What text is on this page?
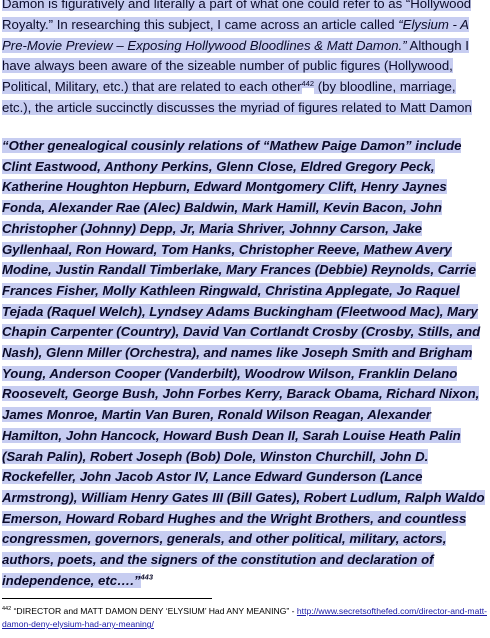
Damon is figuratively and literally a part of what one could refer to as “Hollywood Royalty.” In researching this subject, I came across an article called “Elysium - A Pre-Movie Preview – Exposing Hollywood Bloodlines & Matt Damon.” Although I have always been aware of the sizeable number of public figures (Hollywood, Political, Military, etc.) that are related to each other$^{442}$ (by bloodline, marriage, etc.), the article succinctly discusses the myriad of figures related to Matt Damon

“Other genealogical cousinly relations of “Mathew Paige Damon” include Clint Eastwood, Anthony Perkins, Glenn Close, Eldred Gregory Peck, Katherine Houghton Hepburn, Edward Montgomery Clift, Henry Jaynes Fonda, Alexander Rae (Alec) Baldwin, Mark Hamill, Kevin Bacon, John Christopher (Johnny) Depp, Jr, Maria Shriver, Johnny Carson, Jake Gyllenhaal, Ron Howard, Tom Hanks, Christopher Reeve, Mathew Avery Modine, Justin Randall Timberlake, Mary Frances (Debbie) Reynolds, Carrie Frances Fisher, Molly Kathleen Ringwald, Christina Applegate, Jo Raquel Tejada (Raquel Welch), Lyndsey Adams Buckingham (Fleetwood Mac), Mary Chapin Carpenter (Country), David Van Cortlandt Crosby (Crosby, Stills, and Nash), Glenn Miller (Orchestra), and names like Joseph Smith and Brigham Young, Anderson Cooper (Vanderbilt), Woodrow Wilson, Franklin Delano Roosevelt, George Bush, John Forbes Kerry, Barack Obama, Richard Nixon, James Monroe, Martin Van Buren, Ronald Wilson Reagan, Alexander Hamilton, John Hancock, Howard Bush Dean II, Sarah Louise Heath Palin (Sarah Palin), Robert Joseph (Bob) Dole, Winston Churchill, John D. Rockefeller, John Jacob Astor IV, Lance Edward Gunderson (Lance Armstrong), William Henry Gates III (Bill Gates), Robert Ludlum, Ralph Waldo Emerson, Howard Robard Hughes and the Wright Brothers, and countless congressmen, governors, generals, and other political, military, actors, authors, poets, and the signers of the constitution and declaration of independence, etc….”$^{443}$

$^{442}$ “DIRECTOR and MATT DAMON DENY ‘ELYSIUM’ Had ANY MEANING” - http://www.secretsofthefed.com/director-and-matt-damon-deny-elysium-had-any-meaning/
